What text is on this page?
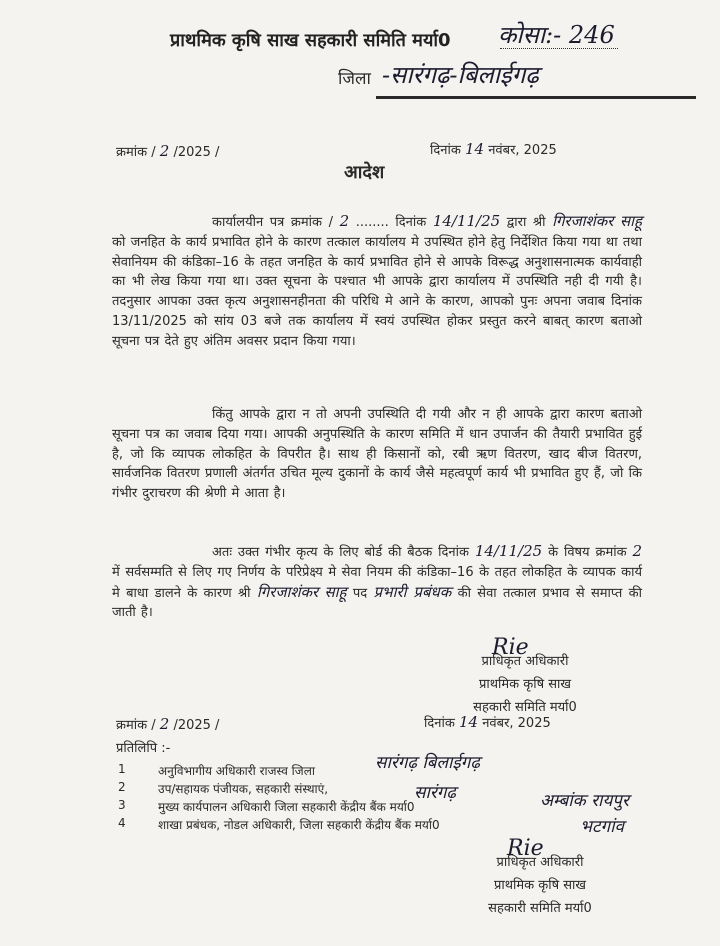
प्राथमिक कृषि साख सहकारी समिति मर्या0 कोसा:- 246
जिला -सारंगढ़-बिलाईगढ़
क्रमांक / 2 /2025 /	दिनांक 14 नवंबर, 2025
आदेश
कार्यालयीन पत्र क्रमांक / 2 ........ दिनांक 14/11/25 द्वारा श्री गिरजाशंकर साहू को जनहित के कार्य प्रभावित होने के कारण तत्काल कार्यालय मे उपस्थित होने हेतु निर्देशित किया गया था तथा सेवानियम की कंडिका–16 के तहत जनहित के कार्य प्रभावित होने से आपके विरूद्ध अनुशासनात्मक कार्यवाही का भी लेख किया गया था। उक्त सूचना के पश्चात भी आपके द्वारा कार्यालय में उपस्थिति नही दी गयी है। तदनुसार आपका उक्त कृत्य अनुशासनहीनता की परिधि मे आने के कारण, आपको पुनः अपना जवाब दिनांक 13/11/2025 को सांय 03 बजे तक कार्यालय में स्वयं उपस्थित होकर प्रस्तुत करने बाबत् कारण बताओ सूचना पत्र देते हुए अंतिम अवसर प्रदान किया गया।
किंतु आपके द्वारा न तो अपनी उपस्थिति दी गयी और न ही आपके द्वारा कारण बताओ सूचना पत्र का जवाब दिया गया। आपकी अनुपस्थिति के कारण समिति में धान उपार्जन की तैयारी प्रभावित हुई है, जो कि व्यापक लोकहित के विपरीत है। साथ ही किसानों को, रबी ऋण वितरण, खाद बीज वितरण, सार्वजनिक वितरण प्रणाली अंतर्गत उचित मूल्य दुकानों के कार्य जैसे महत्वपूर्ण कार्य भी प्रभावित हुए हैं, जो कि गंभीर दुराचरण की श्रेणी मे आता है।
अतः उक्त गंभीर कृत्य के लिए बोर्ड की बैठक दिनांक 14/11/25 के विषय क्रमांक 2 में सर्वसम्मति से लिए गए निर्णय के परिप्रेक्ष्य मे सेवा नियम की कंडिका–16 के तहत लोकहित के व्यापक कार्य मे बाधा डालने के कारण श्री गिरजाशंकर साहू पद प्रभारी प्रबंधक की सेवा तत्काल प्रभाव से समाप्त की जाती है।
Rie
प्राधिकृत अधिकारी
प्राथमिक कृषि साख
सहकारी समिति मर्या0
क्रमांक / 2 /2025 /	दिनांक 14 नवंबर, 2025
प्रतिलिपि :-
1	अनुविभागीय अधिकारी राजस्व जिला	सारंगढ़ बिलाईगढ़
2	उप/सहायक पंजीयक, सहकारी संस्थाएं,	सारंगढ़
3	मुख्य कार्यपालन अधिकारी जिला सहकारी केंद्रीय बैंक मर्या0	अम्बांक रायपुर
4	शाखा प्रबंधक, नोडल अधिकारी, जिला सहकारी केंद्रीय बैंक मर्या0	भटगांव
Rie
प्राधिकृत अधिकारी
प्राथमिक कृषि साख
सहकारी समिति मर्या0
